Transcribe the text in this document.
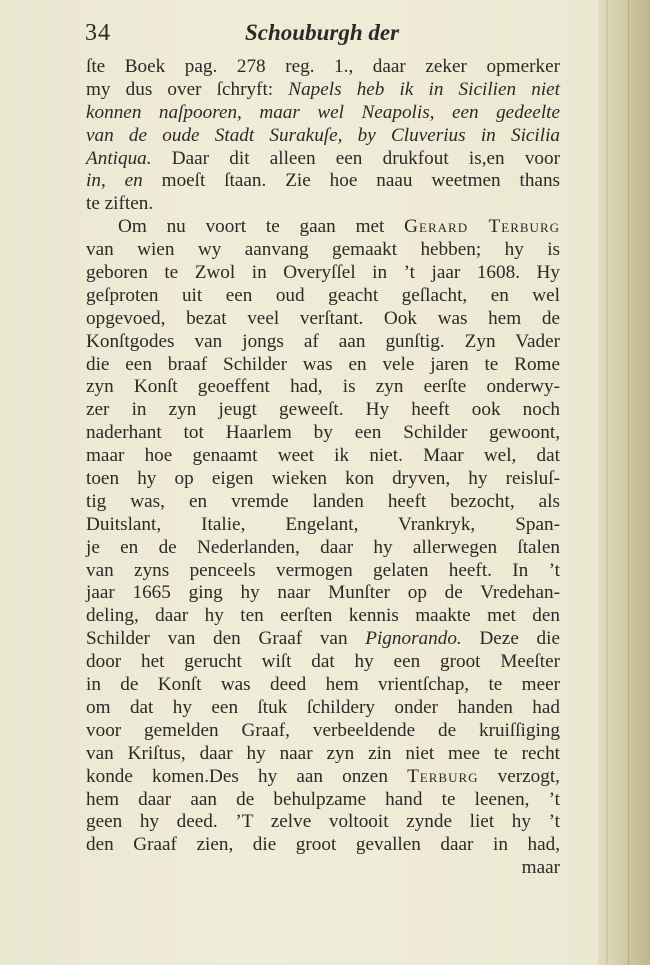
34	Schouburgh der
ſte Boek pag. 278 reg. 1., daar zeker opmerker
my dus over ſchryft: Napels heb ik in Sicilien niet
konnen naſpooren, maar wel Neapolis, een gedeelte
van de oude Stadt Surakuſe, by Cluverius in Sicilia
Antiqua. Daar dit alleen een drukfout is,en voor
in, en moeſt ſtaan. Zie hoe naau weetmen thans
te ziften.
Om nu voort te gaan met Gerard Terburg
van wien wy aanvang gemaakt hebben; hy is
geboren te Zwol in Overyſſel in ’t jaar 1608. Hy
geſproten uit een oud geacht geſlacht, en wel
opgevoed, bezat veel verſtant. Ook was hem de
Konſtgodes van jongs af aan gunſtig. Zyn Vader
die een braaf Schilder was en vele jaren te Rome
zyn Konſt geoeffent had, is zyn eerſte onderwy-
zer in zyn jeugt geweeſt. Hy heeft ook noch
naderhant tot Haarlem by een Schilder gewoont,
maar hoe genaamt weet ik niet. Maar wel, dat
toen hy op eigen wieken kon dryven, hy reisluſ-
tig was, en vremde landen heeft bezocht, als
Duitslant, Italie, Engelant, Vrankryk, Span-
je en de Nederlanden, daar hy allerwegen ſtalen
van zyns penceels vermogen gelaten heeft. In ’t
jaar 1665 ging hy naar Munſter op de Vredehan-
deling, daar hy ten eerſten kennis maakte met den
Schilder van den Graaf van Pignorando. Deze die
door het gerucht wiſt dat hy een groot Meeſter
in de Konſt was deed hem vrientſchap, te meer
om dat hy een ſtuk ſchildery onder handen had
voor gemelden Graaf, verbeeldende de kruiſſiging
van Kriſtus, daar hy naar zyn zin niet mee te recht
konde komen.Des hy aan onzen Terburg verzogt,
hem daar aan de behulpzame hand te leenen, ’t
geen hy deed. ’T zelve voltooit zynde liet hy ’t
den Graaf zien, die groot gevallen daar in had,
maar
